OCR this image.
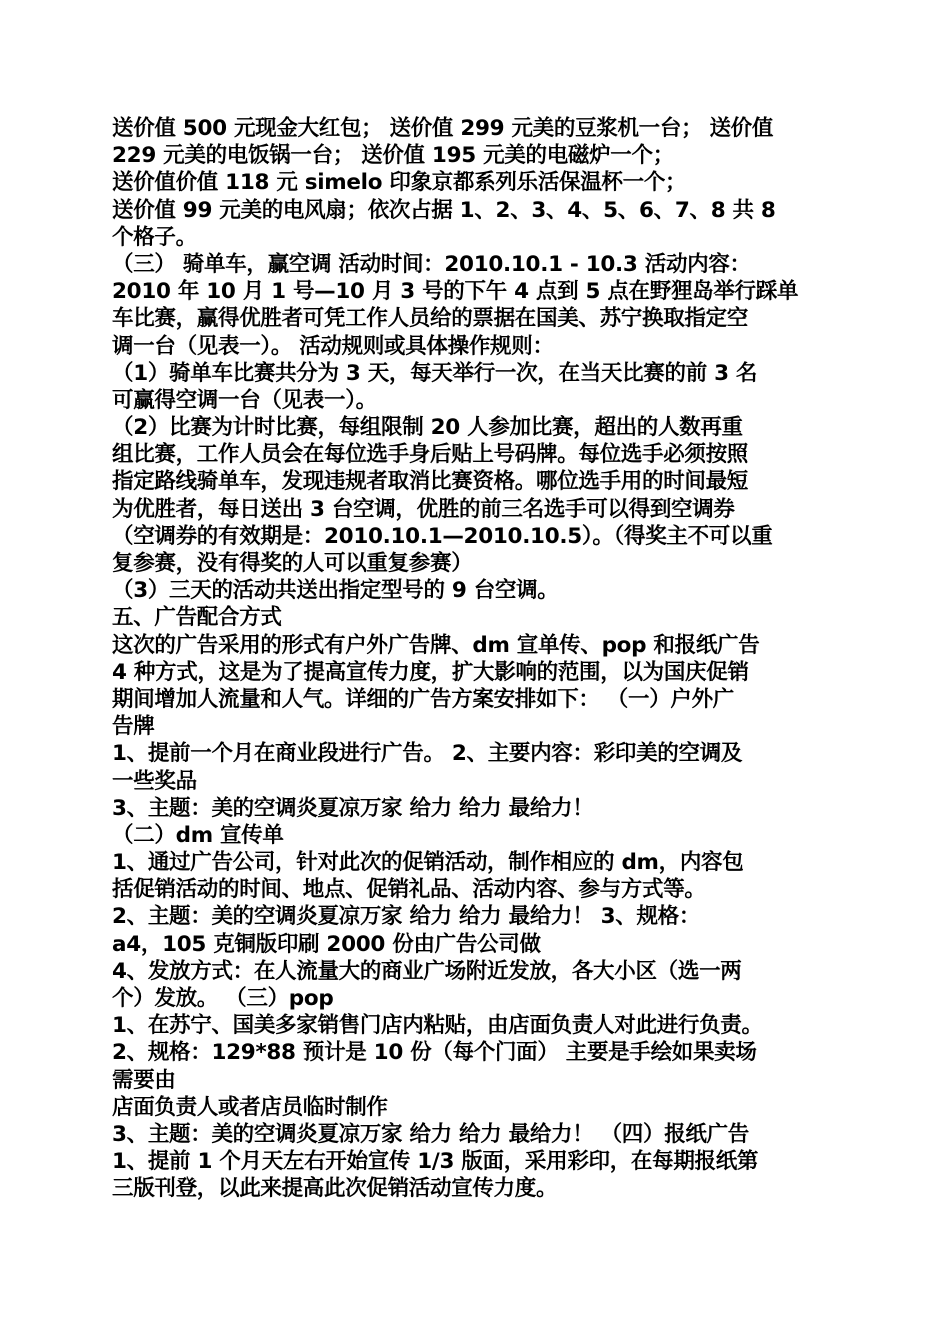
送价值 500 元现金大红包； 送价值 299 元美的豆浆机一台； 送价值
229 元美的电饭锅一台； 送价值 195 元美的电磁炉一个；
送价值价值 118 元 simelo 印象京都系列乐活保温杯一个；
送价值 99 元美的电风扇；依次占据 1、2、3、4、5、6、7、8 共 8
个格子。
（三） 骑单车，赢空调 活动时间：2010.10.1 - 10.3 活动内容：
2010 年 10 月 1 号—10 月 3 号的下午 4 点到 5 点在野狸岛举行踩单
车比赛，赢得优胜者可凭工作人员给的票据在国美、苏宁换取指定空
调一台（见表一）。 活动规则或具体操作规则：
（1）骑单车比赛共分为 3 天，每天举行一次，在当天比赛的前 3 名
可赢得空调一台（见表一）。
（2）比赛为计时比赛，每组限制 20 人参加比赛，超出的人数再重
组比赛，工作人员会在每位选手身后贴上号码牌。每位选手必须按照
指定路线骑单车，发现违规者取消比赛资格。哪位选手用的时间最短
为优胜者，每日送出 3 台空调，优胜的前三名选手可以得到空调券
（空调券的有效期是：2010.10.1—2010.10.5）。（得奖主不可以重
复参赛，没有得奖的人可以重复参赛）
（3）三天的活动共送出指定型号的 9 台空调。
五、广告配合方式
这次的广告采用的形式有户外广告牌、dm 宣单传、pop 和报纸广告
4 种方式，这是为了提高宣传力度，扩大影响的范围，以为国庆促销
期间增加人流量和人气。详细的广告方案安排如下： （一）户外广
告牌
1、提前一个月在商业段进行广告。 2、主要内容：彩印美的空调及
一些奖品
3、主题：美的空调炎夏凉万家 给力 给力 最给力！
（二）dm 宣传单
1、通过广告公司，针对此次的促销活动，制作相应的 dm，内容包
括促销活动的时间、地点、促销礼品、活动内容、参与方式等。
2、主题：美的空调炎夏凉万家 给力 给力 最给力！ 3、规格：
a4，105 克铜版印刷 2000 份由广告公司做
4、发放方式：在人流量大的商业广场附近发放，各大小区（选一两
个）发放。 （三）pop
1、在苏宁、国美多家销售门店内粘贴，由店面负责人对此进行负责。
2、规格：129*88 预计是 10 份（每个门面） 主要是手绘如果卖场
需要由
店面负责人或者店员临时制作
3、主题：美的空调炎夏凉万家 给力 给力 最给力！ （四）报纸广告
1、提前 1 个月天左右开始宣传 1/3 版面，采用彩印，在每期报纸第
三版刊登，以此来提高此次促销活动宣传力度。
